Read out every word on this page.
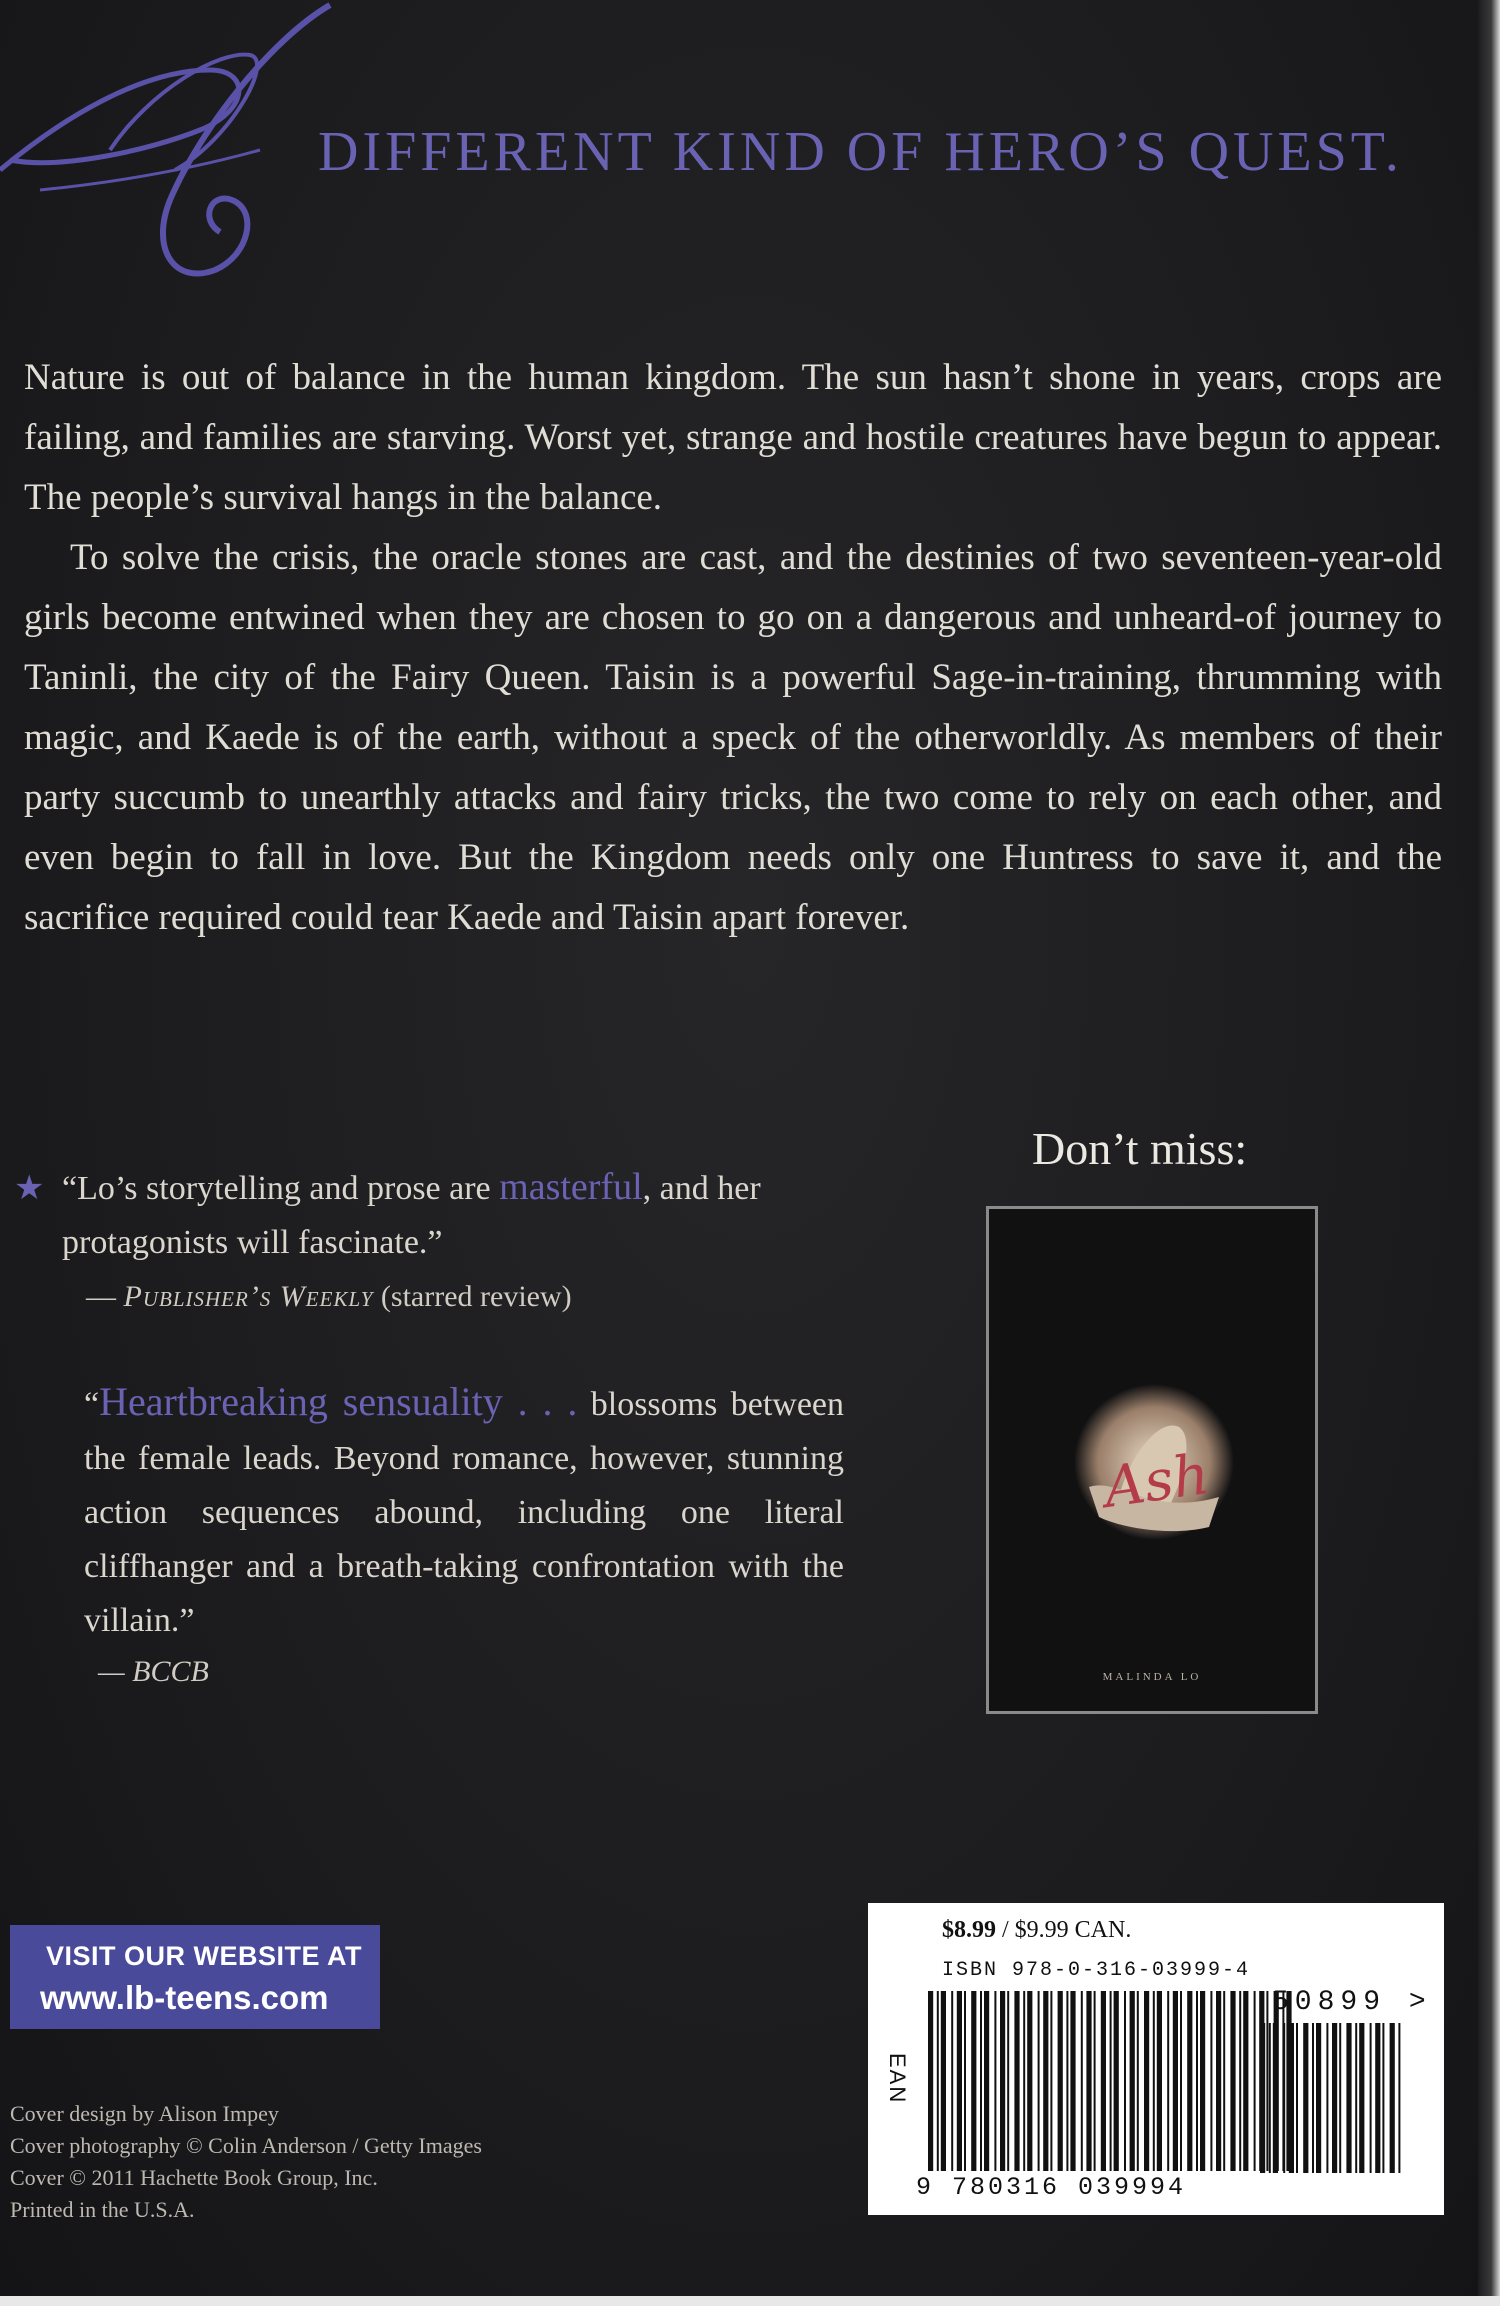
DIFFERENT KIND OF HERO’S QUEST.

Nature is out of balance in the human kingdom. The sun hasn’t shone in years, crops are failing, and families are starving. Worst yet, strange and hostile creatures have begun to appear. The people’s survival hangs in the balance.

To solve the crisis, the oracle stones are cast, and the destinies of two seventeen-year-old girls become entwined when they are chosen to go on a dangerous and unheard-of journey to Taninli, the city of the Fairy Queen. Taisin is a powerful Sage-in-training, thrumming with magic, and Kaede is of the earth, without a speck of the otherworldly. As members of their party succumb to unearthly attacks and fairy tricks, the two come to rely on each other, and even begin to fall in love. But the Kingdom needs only one Huntress to save it, and the sacrifice required could tear Kaede and Taisin apart forever.

★ “Lo’s storytelling and prose are masterful, and her protagonists will fascinate.”
— Publisher’s Weekly (starred review)
“Heartbreaking sensuality . . . blossoms between the female leads. Beyond romance, however, stunning action sequences abound, including one literal cliffhanger and a breath-taking confrontation with the villain.”
— BCCB
Don’t miss:
Ash
MALINDA LO
VISIT OUR WEBSITE AT
www.lb-teens.com
Cover design by Alison Impey
Cover photography © Colin Anderson / Getty Images
Cover © 2011 Hachette Book Group, Inc.
Printed in the U.S.A.
$8.99 / $9.99 CAN.
ISBN 978-0-316-03999-4
EAN
50899 >
9 780316 039994
